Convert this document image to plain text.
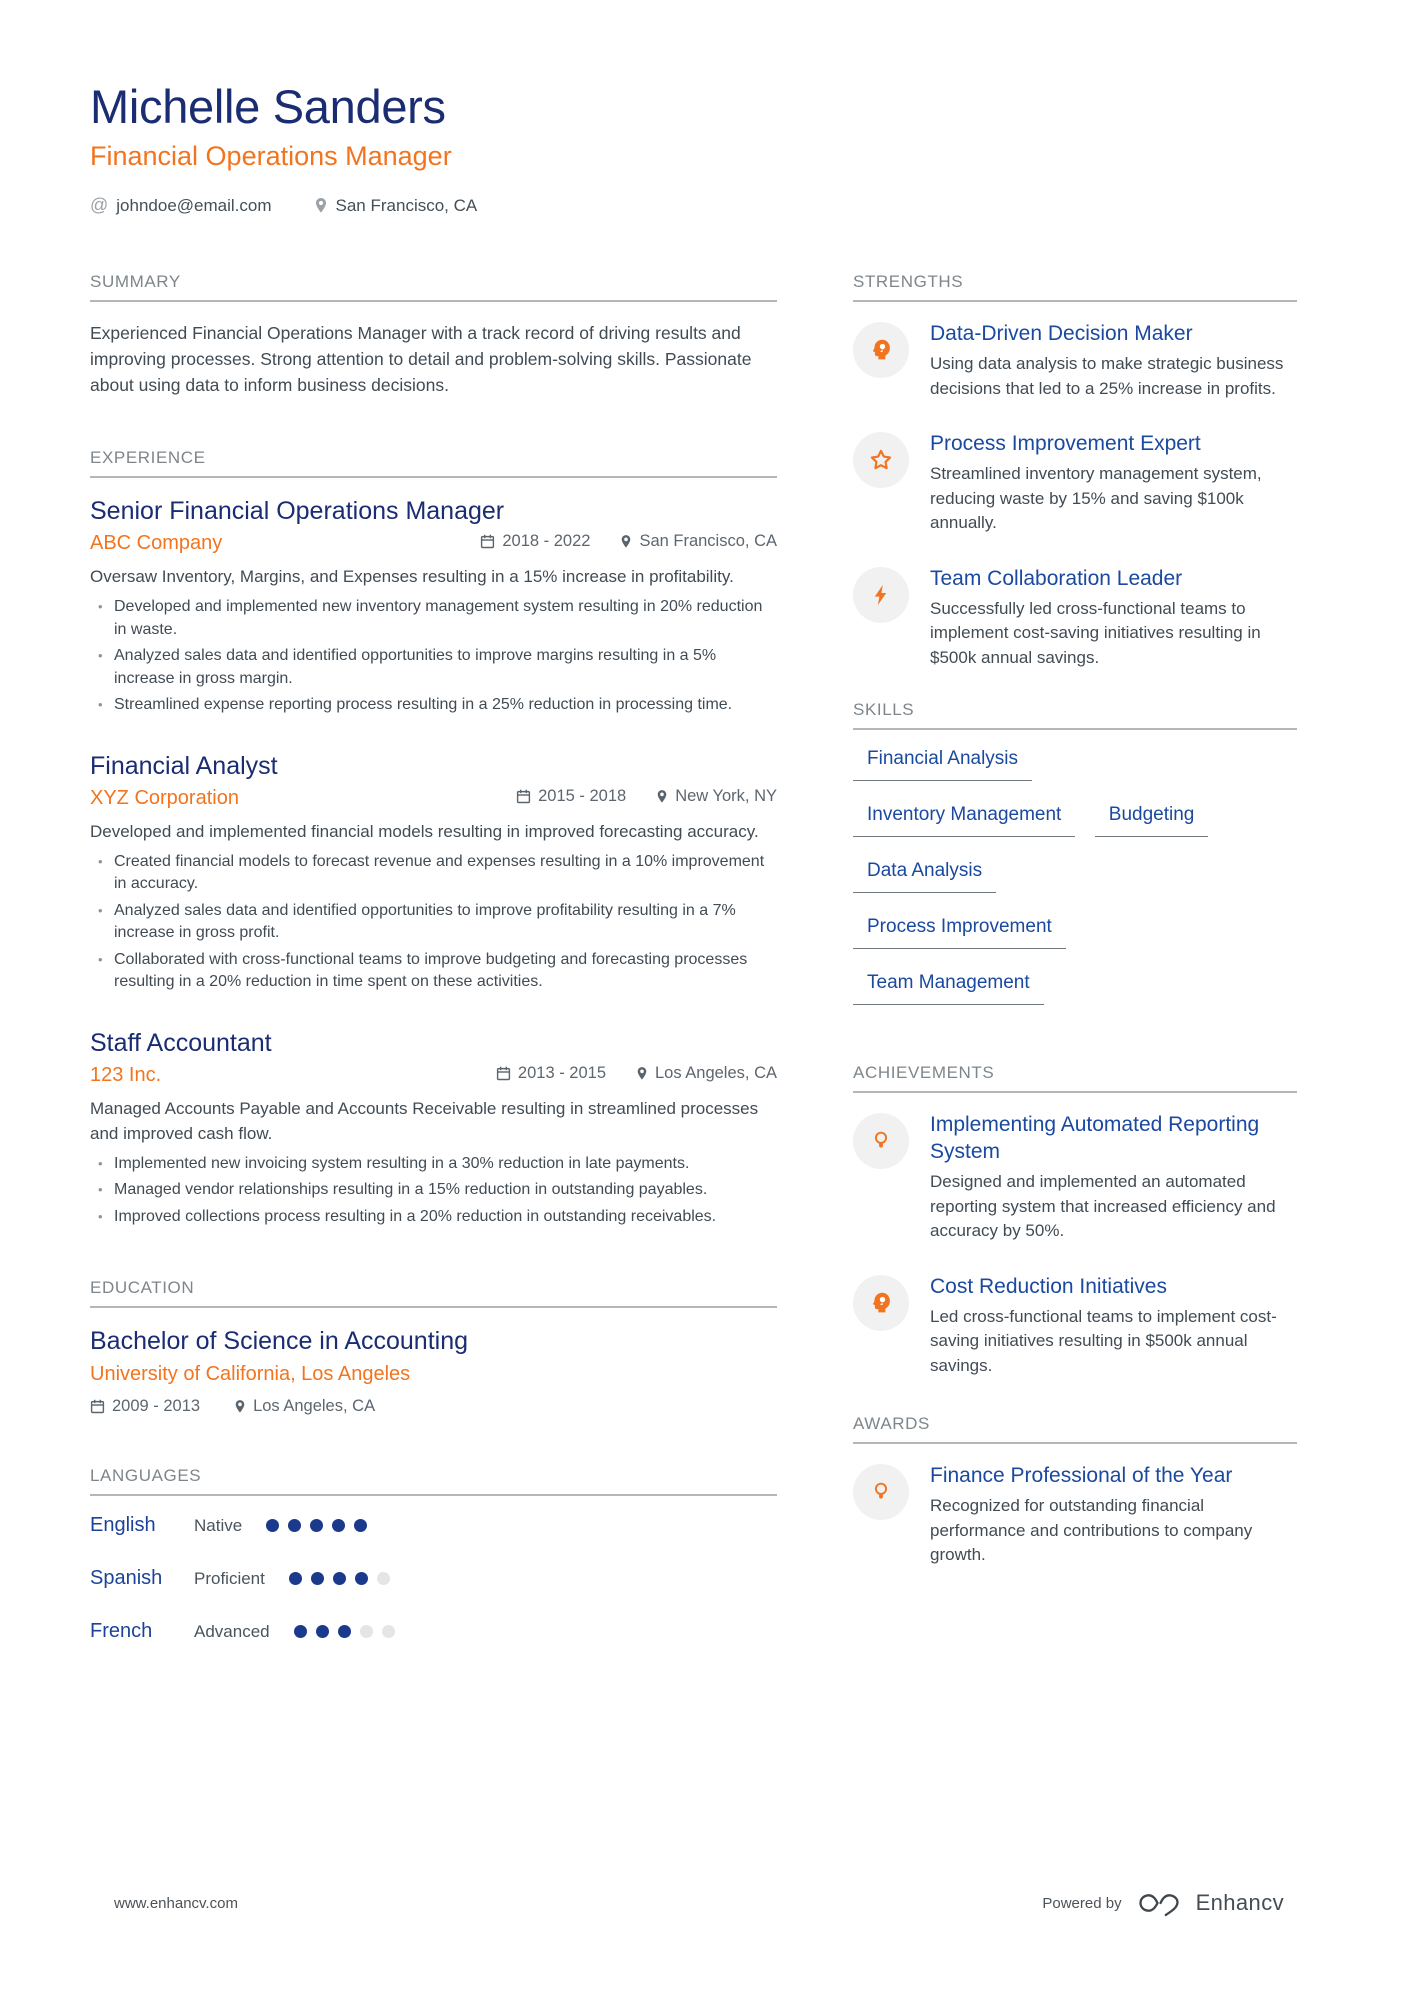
Michelle Sanders
Financial Operations Manager
@ johndoe@email.com	San Francisco, CA
SUMMARY
Experienced Financial Operations Manager with a track record of driving results and improving processes. Strong attention to detail and problem-solving skills. Passionate about using data to inform business decisions.
EXPERIENCE
Senior Financial Operations Manager
ABC Company	2018 - 2022	San Francisco, CA
Oversaw Inventory, Margins, and Expenses resulting in a 15% increase in profitability.
• Developed and implemented new inventory management system resulting in 20% reduction in waste.
• Analyzed sales data and identified opportunities to improve margins resulting in a 5% increase in gross margin.
• Streamlined expense reporting process resulting in a 25% reduction in processing time.
Financial Analyst
XYZ Corporation	2015 - 2018	New York, NY
Developed and implemented financial models resulting in improved forecasting accuracy.
• Created financial models to forecast revenue and expenses resulting in a 10% improvement in accuracy.
• Analyzed sales data and identified opportunities to improve profitability resulting in a 7% increase in gross profit.
• Collaborated with cross-functional teams to improve budgeting and forecasting processes resulting in a 20% reduction in time spent on these activities.
Staff Accountant
123 Inc.	2013 - 2015	Los Angeles, CA
Managed Accounts Payable and Accounts Receivable resulting in streamlined processes and improved cash flow.
• Implemented new invoicing system resulting in a 30% reduction in late payments.
• Managed vendor relationships resulting in a 15% reduction in outstanding payables.
• Improved collections process resulting in a 20% reduction in outstanding receivables.
EDUCATION
Bachelor of Science in Accounting
University of California, Los Angeles
2009 - 2013	Los Angeles, CA
LANGUAGES
English	Native
Spanish	Proficient
French	Advanced
STRENGTHS
Data-Driven Decision Maker
Using data analysis to make strategic business decisions that led to a 25% increase in profits.
Process Improvement Expert
Streamlined inventory management system, reducing waste by 15% and saving $100k annually.
Team Collaboration Leader
Successfully led cross-functional teams to implement cost-saving initiatives resulting in $500k annual savings.
SKILLS
Financial Analysis
Inventory Management Budgeting
Data Analysis
Process Improvement
Team Management
ACHIEVEMENTS
Implementing Automated Reporting System
Designed and implemented an automated reporting system that increased efficiency and accuracy by 50%.
Cost Reduction Initiatives
Led cross-functional teams to implement cost-saving initiatives resulting in $500k annual savings.
AWARDS
Finance Professional of the Year
Recognized for outstanding financial performance and contributions to company growth.
www.enhancv.com	Powered by	Enhancv
